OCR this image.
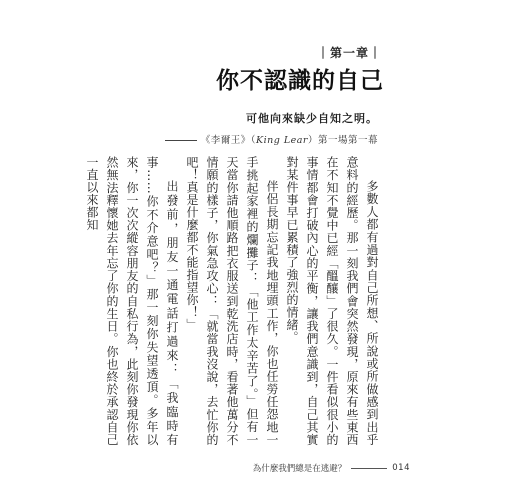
｜第一章｜
你不認識的自己
可他向來缺少自知之明。
《李爾王》（King Lear）第一場第一幕

多數人都有過對自己所想、所說或所做感到出乎意料的經歷。那一刻我們會突然發現，原來有些東西在不知不覺中已經「醞釀」了很久。一件看似很小的事情都會打破內心的平衡，讓我們意識到，自己其實對某件事早已累積了強烈的情緒。

伴侶長期忘記我地埋頭工作，你也任勞任怨地一手挑起家裡的爛攤子：「他工作太辛苦了。」但有一天當你請他順路把衣服送到乾洗店時，看著他萬分不情願的樣子，你氣急攻心：「就當我沒說，去忙你的吧！真是什麼都不能指望你！」

出發前，朋友一通電話打過來：「我臨時有事……你不介意吧？」那一刻你失望透頂。多年以來，你一次次縱容朋友的自私行為，此刻你發現你依然無法釋懷她去年忘了你的生日。你也終於承認自己一直以來都知

為什麼我們總是在逃避？	014
